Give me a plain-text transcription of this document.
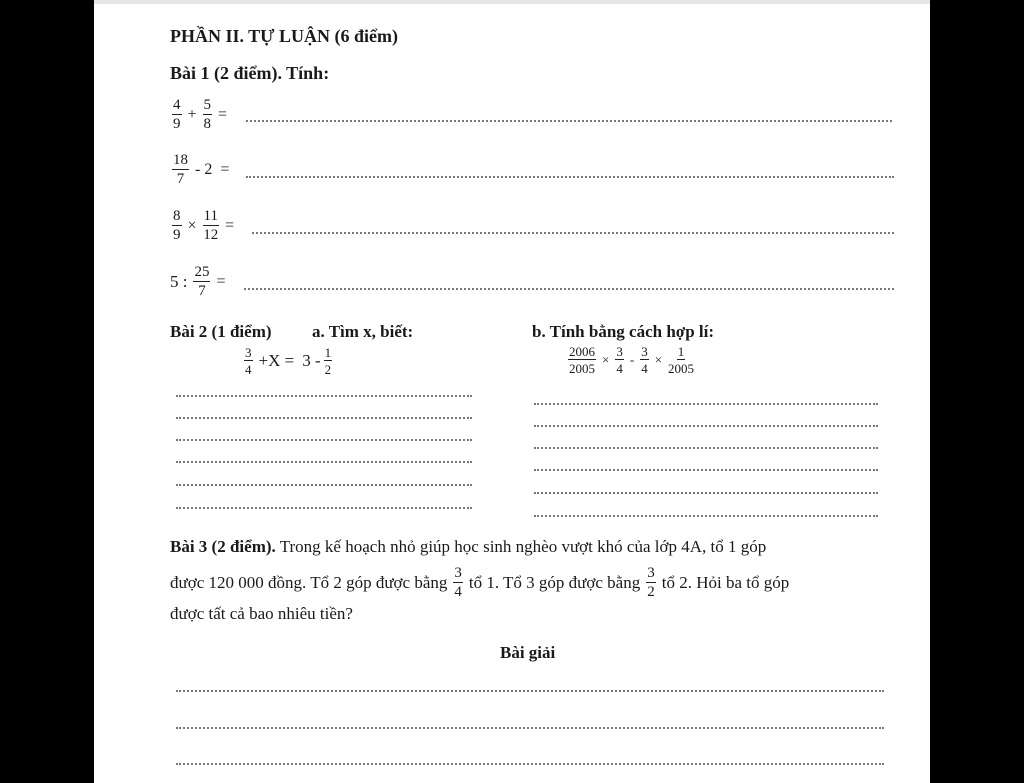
PHẦN II. TỰ LUẬN (6 điểm)
Bài 1 (2 điểm). Tính:
$\frac{4}{9} + \frac{5}{8}$ =
$\frac{18}{7} - 2$ =
$\frac{8}{9} \times \frac{11}{12}$ =
5 : $\frac{25}{7}$ =
Bài 2 (1 điểm) a. Tìm x, biết:	b. Tính bằng cách hợp lí:
$\frac{3}{4} +X = 3 - \frac{1}{2}$	$\frac{2006}{2005} \times \frac{3}{4} - \frac{3}{4} \times \frac{1}{2005}$
Bài 3 (2 điểm). Trong kế hoạch nhỏ giúp học sinh nghèo vượt khó của lớp 4A, tổ 1 góp
được 120 000 đồng. Tổ 2 góp được bằng $\frac{3}{4}$ tổ 1. Tổ 3 góp được bằng $\frac{3}{2}$ tổ 2. Hỏi ba tổ góp
được tất cả bao nhiêu tiền?
Bài giải
